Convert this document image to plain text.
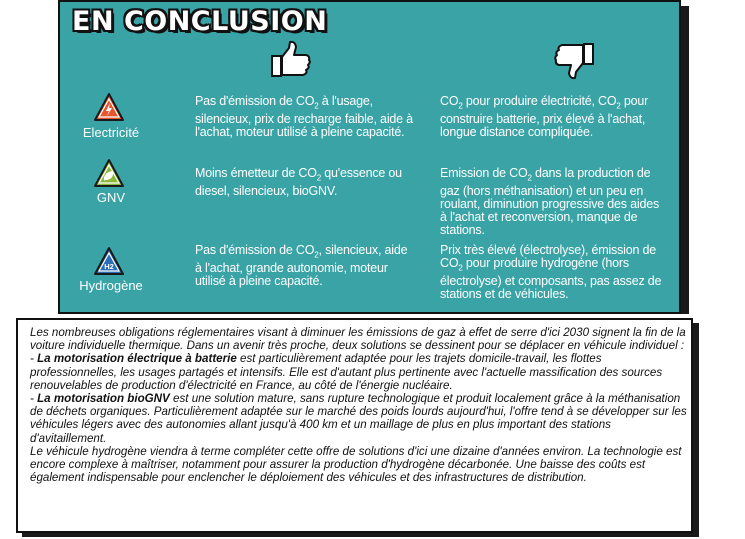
EN CONCLUSION
Electricité
Pas d'émission de $CO_2$ à l'usage, silencieux, prix de recharge faible, aide à l'achat, moteur utilisé à pleine capacité.
$CO_2$ pour produire électricité, $CO_2$ pour construire batterie, prix élevé à l'achat, longue distance compliquée.
GNV
Moins émetteur de $CO_2$ qu'essence ou diesel, silencieux, bioGNV.
Emission de $CO_2$ dans la production de gaz (hors méthanisation) et un peu en roulant, diminution progressive des aides à l'achat et reconversion, manque de stations.
H2
Hydrogène
Pas d'émission de $CO_2$, silencieux, aide à l'achat, grande autonomie, moteur utilisé à pleine capacité.
Prix très élevé (électrolyse), émission de $CO_2$ pour produire hydrogène (hors électrolyse) et composants, pas assez de stations et de véhicules.

Les nombreuses obligations réglementaires visant à diminuer les émissions de gaz à effet de serre d'ici 2030 signent la fin de la voiture individuelle thermique. Dans un avenir très proche, deux solutions se dessinent pour se déplacer en véhicule individuel :

- La motorisation électrique à batterie est particulièrement adaptée pour les trajets domicile-travail, les flottes professionnelles, les usages partagés et intensifs. Elle est d'autant plus pertinente avec l'actuelle massification des sources renouvelables de production d'électricité en France, au côté de l'énergie nucléaire.

- La motorisation bioGNV est une solution mature, sans rupture technologique et produit localement grâce à la méthanisation de déchets organiques. Particulièrement adaptée sur le marché des poids lourds aujourd'hui, l'offre tend à se développer sur les véhicules légers avec des autonomies allant jusqu'à 400 km et un maillage de plus en plus important des stations d'avitaillement.

Le véhicule hydrogène viendra à terme compléter cette offre de solutions d'ici une dizaine d'années environ. La technologie est encore complexe à maîtriser, notamment pour assurer la production d'hydrogène décarbonée. Une baisse des coûts est également indispensable pour enclencher le déploiement des véhicules et des infrastructures de distribution.
